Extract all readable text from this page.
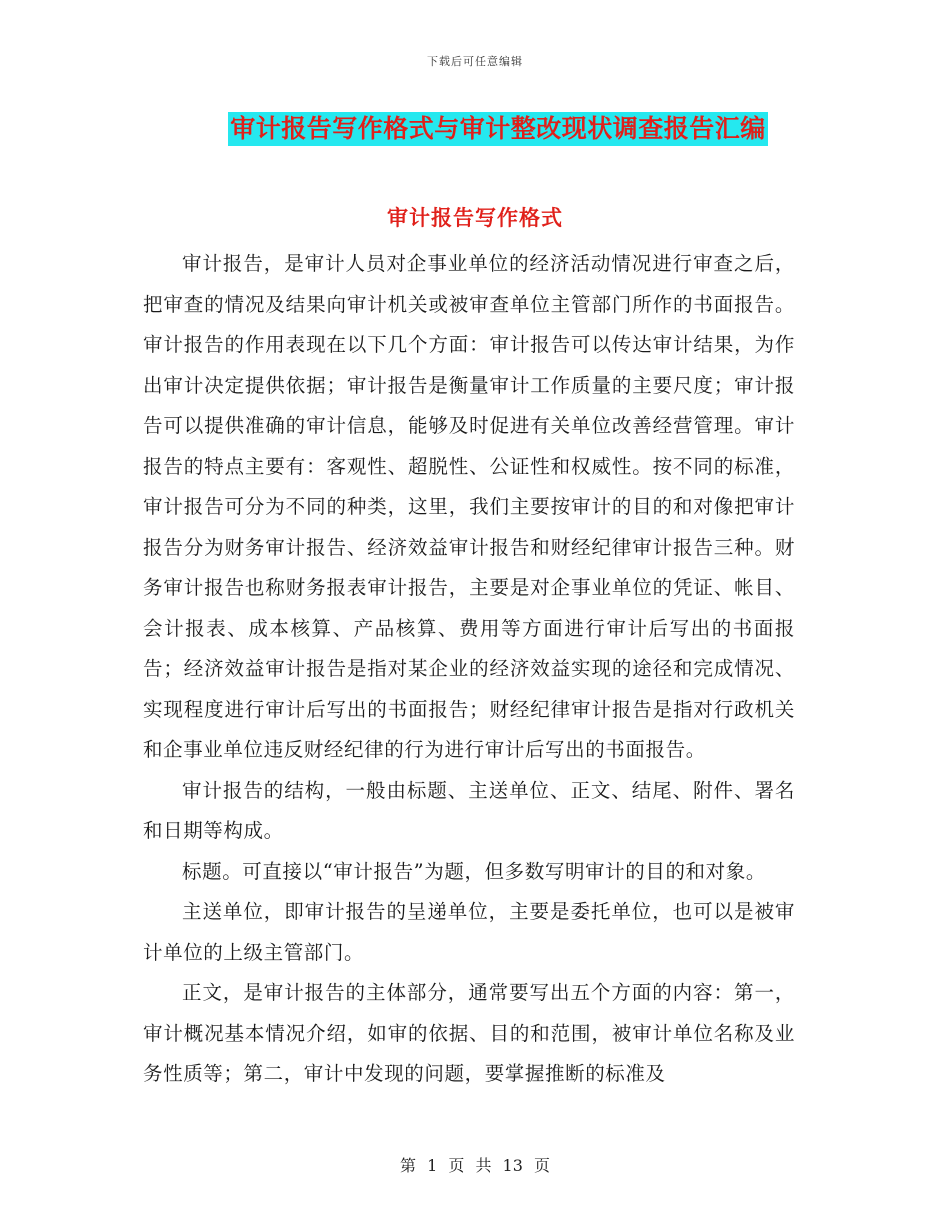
下载后可任意编辑
审计报告写作格式与审计整改现状调查报告汇编
审计报告写作格式

审计报告，是审计人员对企事业单位的经济活动情况进行审查之后，把审查的情况及结果向审计机关或被审查单位主管部门所作的书面报告。审计报告的作用表现在以下几个方面：审计报告可以传达审计结果，为作出审计决定提供依据；审计报告是衡量审计工作质量的主要尺度；审计报告可以提供准确的审计信息，能够及时促进有关单位改善经营管理。审计报告的特点主要有：客观性、超脱性、公证性和权威性。按不同的标准，审计报告可分为不同的种类，这里，我们主要按审计的目的和对像把审计报告分为财务审计报告、经济效益审计报告和财经纪律审计报告三种。财务审计报告也称财务报表审计报告，主要是对企事业单位的凭证、帐目、会计报表、成本核算、产品核算、费用等方面进行审计后写出的书面报告；经济效益审计报告是指对某企业的经济效益实现的途径和完成情况、实现程度进行审计后写出的书面报告；财经纪律审计报告是指对行政机关和企事业单位违反财经纪律的行为进行审计后写出的书面报告。

审计报告的结构，一般由标题、主送单位、正文、结尾、附件、署名和日期等构成。

标题。可直接以“审计报告”为题，但多数写明审计的目的和对象。

主送单位，即审计报告的呈递单位，主要是委托单位，也可以是被审计单位的上级主管部门。

正文，是审计报告的主体部分，通常要写出五个方面的内容：第一，审计概况基本情况介绍，如审的依据、目的和范围，被审计单位名称及业务性质等；第二，审计中发现的问题，要掌握推断的标准及

第 1 页 共 13 页
